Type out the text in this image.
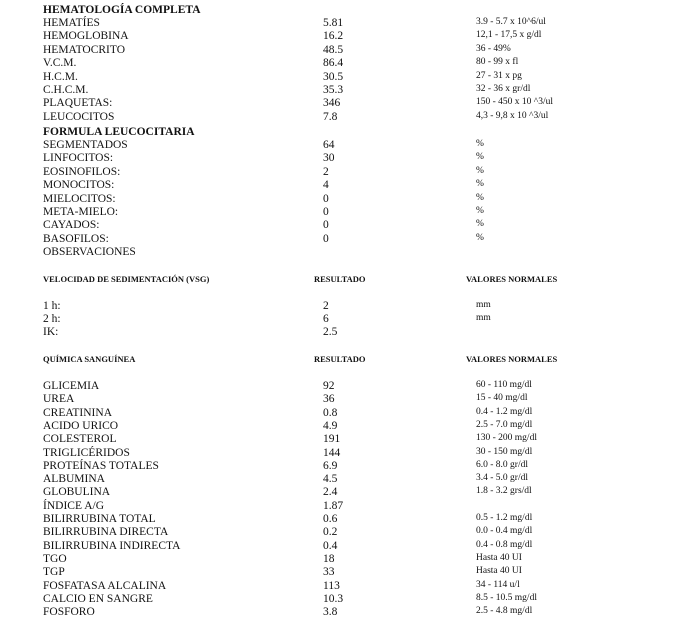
HEMATOLOGÍA COMPLETA
HEMATÍES	5.81	3.9 - 5.7 x 10^6/ul
HEMOGLOBINA	16.2	12,1 - 17,5 x g/dl
HEMATOCRITO	48.5	36 - 49%
V.C.M.	86.4	80 - 99 x fl
H.C.M.	30.5	27 - 31 x pg
C.H.C.M.	35.3	32 - 36 x gr/dl
PLAQUETAS:	346	150 - 450 x 10 ^3/ul
LEUCOCITOS	7.8	4,3 - 9,8 x 10 ^3/ul
FORMULA LEUCOCITARIA
SEGMENTADOS	64	%
LINFOCITOS:	30	%
EOSINOFILOS:	2	%
MONOCITOS:	4	%
MIELOCITOS:	0	%
META-MIELO:	0	%
CAYADOS:	0	%
BASOFILOS:	0	%
OBSERVACIONES
VELOCIDAD DE SEDIMENTACIÓN (VSG)	RESULTADO	VALORES NORMALES
1 h:	2	mm
2 h:	6	mm
IK:	2.5
QUÍMICA SANGUÍNEA	RESULTADO	VALORES NORMALES
GLICEMIA	92	60 - 110 mg/dl
UREA	36	15 - 40 mg/dl
CREATININA	0.8	0.4 - 1.2 mg/dl
ACIDO URICO	4.9	2.5 - 7.0 mg/dl
COLESTEROL	191	130 - 200 mg/dl
TRIGLICÉRIDOS	144	30 - 150 mg/dl
PROTEÍNAS TOTALES	6.9	6.0 - 8.0 gr/dl
ALBUMINA	4.5	3.4 - 5.0 gr/dl
GLOBULINA	2.4	1.8 - 3.2 grs/dl
ÍNDICE A/G	1.87
BILIRRUBINA TOTAL	0.6	0.5 - 1.2 mg/dl
BILIRRUBINA DIRECTA	0.2	0.0 - 0.4 mg/dl
BILIRRUBINA INDIRECTA	0.4	0.4 - 0.8 mg/dl
TGO	18	Hasta 40 UI
TGP	33	Hasta 40 UI
FOSFATASA ALCALINA	113	34 - 114 u/l
CALCIO EN SANGRE	10.3	8.5 - 10.5 mg/dl
FOSFORO	3.8	2.5 - 4.8 mg/dl
